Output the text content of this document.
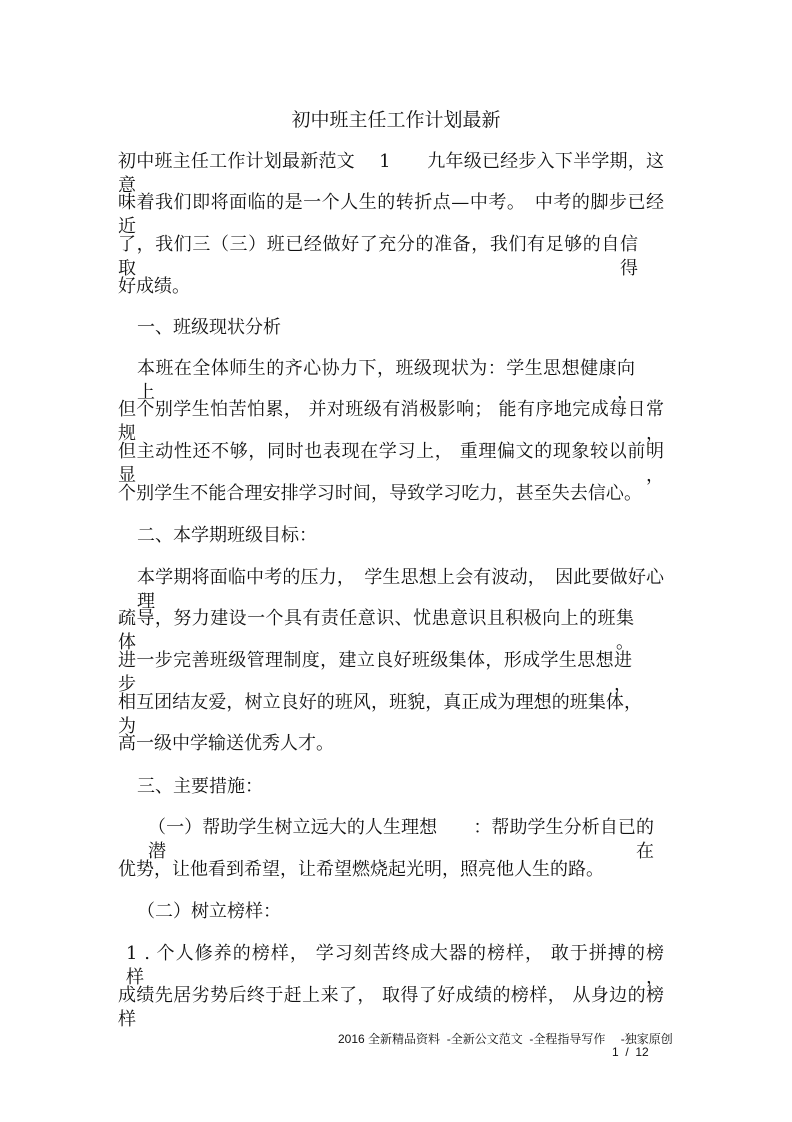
初中班主任工作计划最新
初中班主任工作计划最新范文　 1　　九年级已经步入下半学期，这意
味着我们即将面临的是一个人生的转折点—中考。　中考的脚步已经近
了，我们三（三）班已经做好了充分的准备，我们有足够的自信取得
好成绩。
一、班级现状分析
本班在全体师生的齐心协力下，班级现状为：学生思想健康向上，
但个别学生怕苦怕累， 并对班级有消极影响； 能有序地完成每日常规，
但主动性还不够，同时也表现在学习上， 重理偏文的现象较以前明显，
个别学生不能合理安排学习时间，导致学习吃力，甚至失去信心。
二、本学期班级目标：
本学期将面临中考的压力，　学生思想上会有波动，　因此要做好心理
疏导，努力建设一个具有责任意识、忧患意识且积极向上的班集体。
进一步完善班级管理制度，建立良好班级集体，形成学生思想进步，
相互团结友爱，树立良好的班风，班貌，真正成为理想的班集体，为
高一级中学输送优秀人才。
三、主要措施：
（一）帮助学生树立远大的人生理想　　：帮助学生分析自已的潜在
优势，让他看到希望，让希望燃烧起光明，照亮他人生的路。
（二）树立榜样：
1 . 个人修养的榜样， 学习刻苦终成大器的榜样， 敢于拼搏的榜样，
成绩先居劣势后终于赶上来了， 取得了好成绩的榜样， 从身边的榜样
2016 全新精品资料  -全新公文范文  -全程指导写作　 -独家原创
1  /  12
